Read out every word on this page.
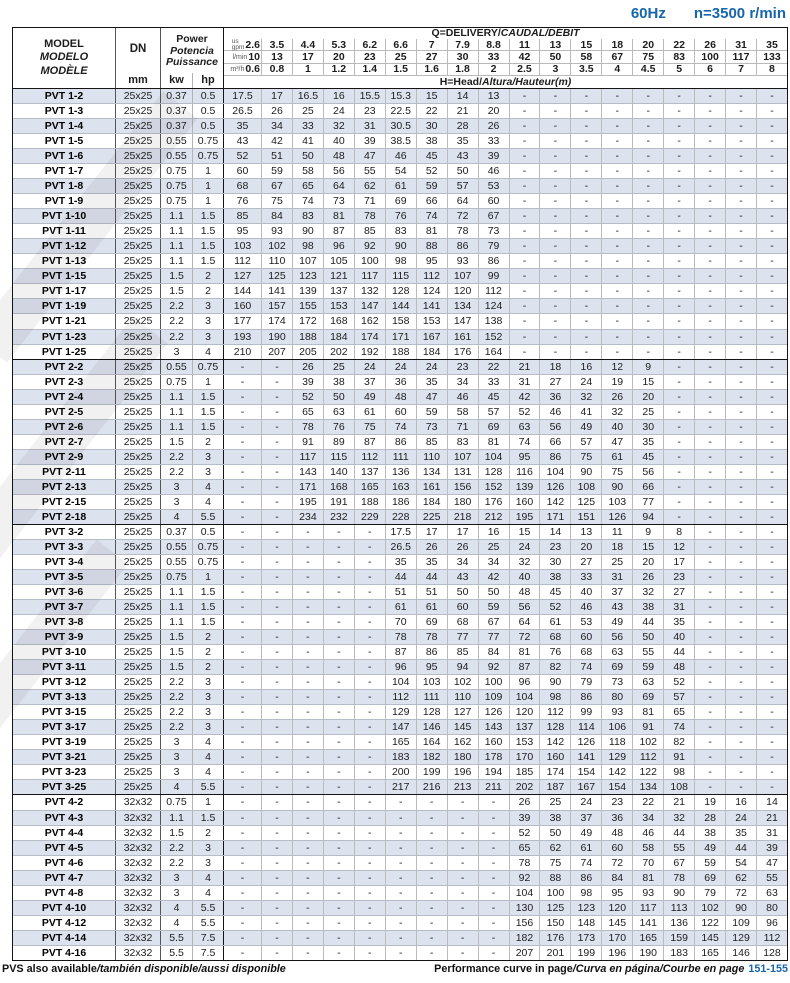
60Hz n=3500 r/min
MODEL
MODELO
MODÈLE
DN
mm
Power
Potencia
Puissance
kw	hp
Q=DELIVERY/ CAUDAL/DÉBIT
us
gpm 2.6 3.5 4.4 5.3 6.2 6.6 7 7.9 8.8 11 13 15 18 20 22 26 31 35
l/min 10 13 17 20 23 25 27 30 33 42 50 58 67 75 83 100 117 133
m³/h 0.6 0.8 1 1.2 1.4 1.5 1.6 1.8 2 2.5 3 3.5 4 4.5 5 6 7 8
H=Head/ Altura/Hauteur (m)
PVT 1-2	25x25	0.37	0.5	17.5	17	16.5	16	15.5	15.3	15	14	13	-	-	-	-	-	-	-	-	-
PVT 1-3	25x25	0.37	0.5	26.5	26	25	24	23	22.5	22	21	20	-	-	-	-	-	-	-	-	-
PVT 1-4	25x25	0.37	0.5	35	34	33	32	31	30.5	30	28	26	-	-	-	-	-	-	-	-	-
PVT 1-5	25x25	0.55	0.75	43	42	41	40	39	38.5	38	35	33	-	-	-	-	-	-	-	-	-
PVT 1-6	25x25	0.55	0.75	52	51	50	48	47	46	45	43	39	-	-	-	-	-	-	-	-	-
PVT 1-7	25x25	0.75	1	60	59	58	56	55	54	52	50	46	-	-	-	-	-	-	-	-	-
PVT 1-8	25x25	0.75	1	68	67	65	64	62	61	59	57	53	-	-	-	-	-	-	-	-	-
PVT 1-9	25x25	0.75	1	76	75	74	73	71	69	66	64	60	-	-	-	-	-	-	-	-	-
PVT 1-10	25x25	1.1	1.5	85	84	83	81	78	76	74	72	67	-	-	-	-	-	-	-	-	-
PVT 1-11	25x25	1.1	1.5	95	93	90	87	85	83	81	78	73	-	-	-	-	-	-	-	-	-
PVT 1-12	25x25	1.1	1.5	103	102	98	96	92	90	88	86	79	-	-	-	-	-	-	-	-	-
PVT 1-13	25x25	1.1	1.5	112	110	107	105	100	98	95	93	86	-	-	-	-	-	-	-	-	-
PVT 1-15	25x25	1.5	2	127	125	123	121	117	115	112	107	99	-	-	-	-	-	-	-	-	-
PVT 1-17	25x25	1.5	2	144	141	139	137	132	128	124	120	112	-	-	-	-	-	-	-	-	-
PVT 1-19	25x25	2.2	3	160	157	155	153	147	144	141	134	124	-	-	-	-	-	-	-	-	-
PVT 1-21	25x25	2.2	3	177	174	172	168	162	158	153	147	138	-	-	-	-	-	-	-	-	-
PVT 1-23	25x25	2.2	3	193	190	188	184	174	171	167	161	152	-	-	-	-	-	-	-	-	-
PVT 1-25	25x25	3	4	210	207	205	202	192	188	184	176	164	-	-	-	-	-	-	-	-	-
PVT 2-2	25x25	0.55	0.75	-	-	26	25	24	24	24	23	22	21	18	16	12	9	-	-	-	-
PVT 2-3	25x25	0.75	1	-	-	39	38	37	36	35	34	33	31	27	24	19	15	-	-	-	-
PVT 2-4	25x25	1.1	1.5	-	-	52	50	49	48	47	46	45	42	36	32	26	20	-	-	-	-
PVT 2-5	25x25	1.1	1.5	-	-	65	63	61	60	59	58	57	52	46	41	32	25	-	-	-	-
PVT 2-6	25x25	1.1	1.5	-	-	78	76	75	74	73	71	69	63	56	49	40	30	-	-	-	-
PVT 2-7	25x25	1.5	2	-	-	91	89	87	86	85	83	81	74	66	57	47	35	-	-	-	-
PVT 2-9	25x25	2.2	3	-	-	117	115	112	111	110	107	104	95	86	75	61	45	-	-	-	-
PVT 2-11	25x25	2.2	3	-	-	143	140	137	136	134	131	128	116	104	90	75	56	-	-	-	-
PVT 2-13	25x25	3	4	-	-	171	168	165	163	161	156	152	139	126	108	90	66	-	-	-	-
PVT 2-15	25x25	3	4	-	-	195	191	188	186	184	180	176	160	142	125	103	77	-	-	-	-
PVT 2-18	25x25	4	5.5	-	-	234	232	229	228	225	218	212	195	171	151	126	94	-	-	-	-
PVT 3-2	25x25	0.37	0.5	-	-	-	-	-	17.5	17	17	16	15	14	13	11	9	8	-	-	-
PVT 3-3	25x25	0.55	0.75	-	-	-	-	-	26.5	26	26	25	24	23	20	18	15	12	-	-	-
PVT 3-4	25x25	0.55	0.75	-	-	-	-	-	35	35	34	34	32	30	27	25	20	17	-	-	-
PVT 3-5	25x25	0.75	1	-	-	-	-	-	44	44	43	42	40	38	33	31	26	23	-	-	-
PVT 3-6	25x25	1.1	1.5	-	-	-	-	-	51	51	50	50	48	45	40	37	32	27	-	-	-
PVT 3-7	25x25	1.1	1.5	-	-	-	-	-	61	61	60	59	56	52	46	43	38	31	-	-	-
PVT 3-8	25x25	1.1	1.5	-	-	-	-	-	70	69	68	67	64	61	53	49	44	35	-	-	-
PVT 3-9	25x25	1.5	2	-	-	-	-	-	78	78	77	77	72	68	60	56	50	40	-	-	-
PVT 3-10	25x25	1.5	2	-	-	-	-	-	87	86	85	84	81	76	68	63	55	44	-	-	-
PVT 3-11	25x25	1.5	2	-	-	-	-	-	96	95	94	92	87	82	74	69	59	48	-	-	-
PVT 3-12	25x25	2.2	3	-	-	-	-	-	104	103	102	100	96	90	79	73	63	52	-	-	-
PVT 3-13	25x25	2.2	3	-	-	-	-	-	112	111	110	109	104	98	86	80	69	57	-	-	-
PVT 3-15	25x25	2.2	3	-	-	-	-	-	129	128	127	126	120	112	99	93	81	65	-	-	-
PVT 3-17	25x25	2.2	3	-	-	-	-	-	147	146	145	143	137	128	114	106	91	74	-	-	-
PVT 3-19	25x25	3	4	-	-	-	-	-	165	164	162	160	153	142	126	118	102	82	-	-	-
PVT 3-21	25x25	3	4	-	-	-	-	-	183	182	180	178	170	160	141	129	112	91	-	-	-
PVT 3-23	25x25	3	4	-	-	-	-	-	200	199	196	194	185	174	154	142	122	98	-	-	-
PVT 3-25	25x25	4	5.5	-	-	-	-	-	217	216	213	211	202	187	167	154	134	108	-	-	-
PVT 4-2	32x32	0.75	1	-	-	-	-	-	-	-	-	-	26	25	24	23	22	21	19	16	14
PVT 4-3	32x32	1.1	1.5	-	-	-	-	-	-	-	-	-	39	38	37	36	34	32	28	24	21
PVT 4-4	32x32	1.5	2	-	-	-	-	-	-	-	-	-	52	50	49	48	46	44	38	35	31
PVT 4-5	32x32	2.2	3	-	-	-	-	-	-	-	-	-	65	62	61	60	58	55	49	44	39
PVT 4-6	32x32	2.2	3	-	-	-	-	-	-	-	-	-	78	75	74	72	70	67	59	54	47
PVT 4-7	32x32	3	4	-	-	-	-	-	-	-	-	-	92	88	86	84	81	78	69	62	55
PVT 4-8	32x32	3	4	-	-	-	-	-	-	-	-	-	104	100	98	95	93	90	79	72	63
PVT 4-10	32x32	4	5.5	-	-	-	-	-	-	-	-	-	130	125	123	120	117	113	102	90	80
PVT 4-12	32x32	4	5.5	-	-	-	-	-	-	-	-	-	156	150	148	145	141	136	122	109	96
PVT 4-14	32x32	5.5	7.5	-	-	-	-	-	-	-	-	-	182	176	173	170	165	159	145	129	112
PVT 4-16	32x32	5.5	7.5	-	-	-	-	-	-	-	-	-	207	201	199	196	190	183	165	146	128
PVS also available/también disponible/aussi disponible	Performance curve in page/Curva en página/Courbe en page 151-155
